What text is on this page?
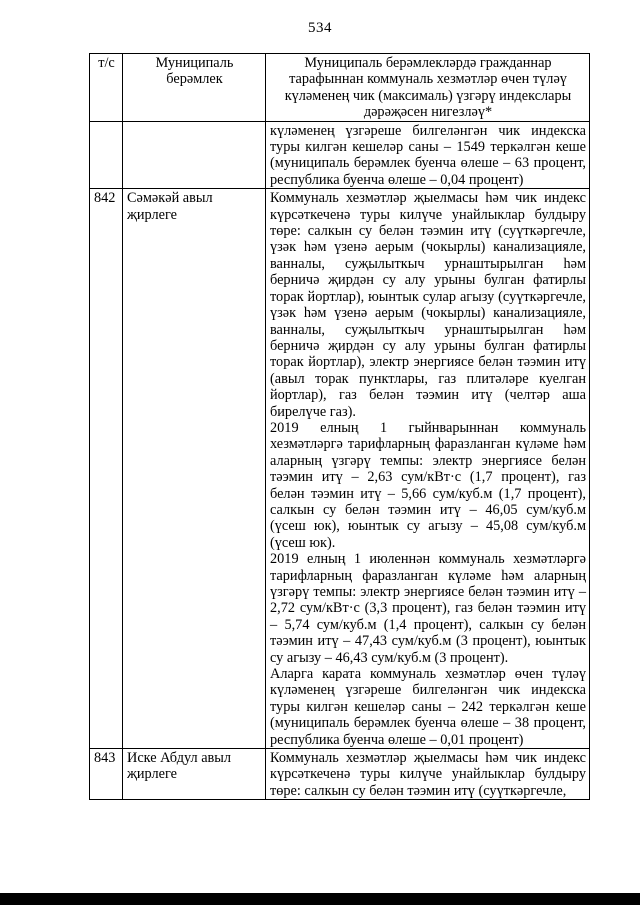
534
т/с	Муниципаль берәмлек	Муниципаль берәмлекләрдә гражданнар тарафыннан коммуналь хезмәтләр өчен түләү күләменең чик (максималь) үзгәрү индекслары дәрәҗәсен нигезләү*

		күләменең үзгәреше билгеләнгән чик индекска туры килгән кешеләр саны – 1549 теркәлгән кеше (муниципаль берәмлек буенча өлеше – 63 процент, республика буенча өлеше – 0,04 процент)

842	Сәмәкәй авыл җирлеге	Коммуналь хезмәтләр җыелмасы һәм чик индекс күрсәткеченә туры килүче унайлыклар булдыру төре: салкын су белән тәэмин итү (суүткәргечле, үзәк һәм үзенә аерым (чокырлы) канализацияле, ванналы, суҗылыткыч урнаштырылган һәм берничә җирдән су алу урыны булган фатирлы торак йортлар), юынтык сулар агызу (суүткәргечле, үзәк һәм үзенә аерым (чокырлы) канализацияле, ванналы, суҗылыткыч урнаштырылган һәм берничә җирдән су алу урыны булган фатирлы торак йортлар), электр энергиясе белән тәэмин итү (авыл торак пунктлары, газ плитәләре куелган йортлар), газ белән тәэмин итү (челтәр аша бирелүче газ).

2019 елның 1 гыйнварыннан коммуналь хезмәтләргә тарифларның фаразланган күләме һәм аларның үзгәрү темпы: электр энергиясе белән тәэмин итү – 2,63 сум/кВт·с (1,7 процент), газ белән тәэмин итү – 5,66 сум/куб.м (1,7 процент), салкын су белән тәэмин итү – 46,05 сум/куб.м (үсеш юк), юынтык су агызу – 45,08 сум/куб.м (үсеш юк).

2019 елның 1 июленнән коммуналь хезмәтләргә тарифларның фаразланган күләме һәм аларның үзгәрү темпы: электр энергиясе белән тәэмин итү – 2,72 сум/кВт·с (3,3 процент), газ белән тәэмин итү – 5,74 сум/куб.м (1,4 процент), салкын су белән тәэмин итү – 47,43 сум/куб.м (3 процент), юынтык су агызу – 46,43 сум/куб.м (3 процент).

Аларга карата коммуналь хезмәтләр өчен түләү күләменең үзгәреше билгеләнгән чик индекска туры килгән кешеләр саны – 242 теркәлгән кеше (муниципаль берәмлек буенча өлеше – 38 процент, республика буенча өлеше – 0,01 процент)

843	Иске Абдул авыл җирлеге	Коммуналь хезмәтләр җыелмасы һәм чик индекс күрсәткеченә туры килүче унайлыклар булдыру төре: салкын су белән тәэмин итү (суүткәргечле,
